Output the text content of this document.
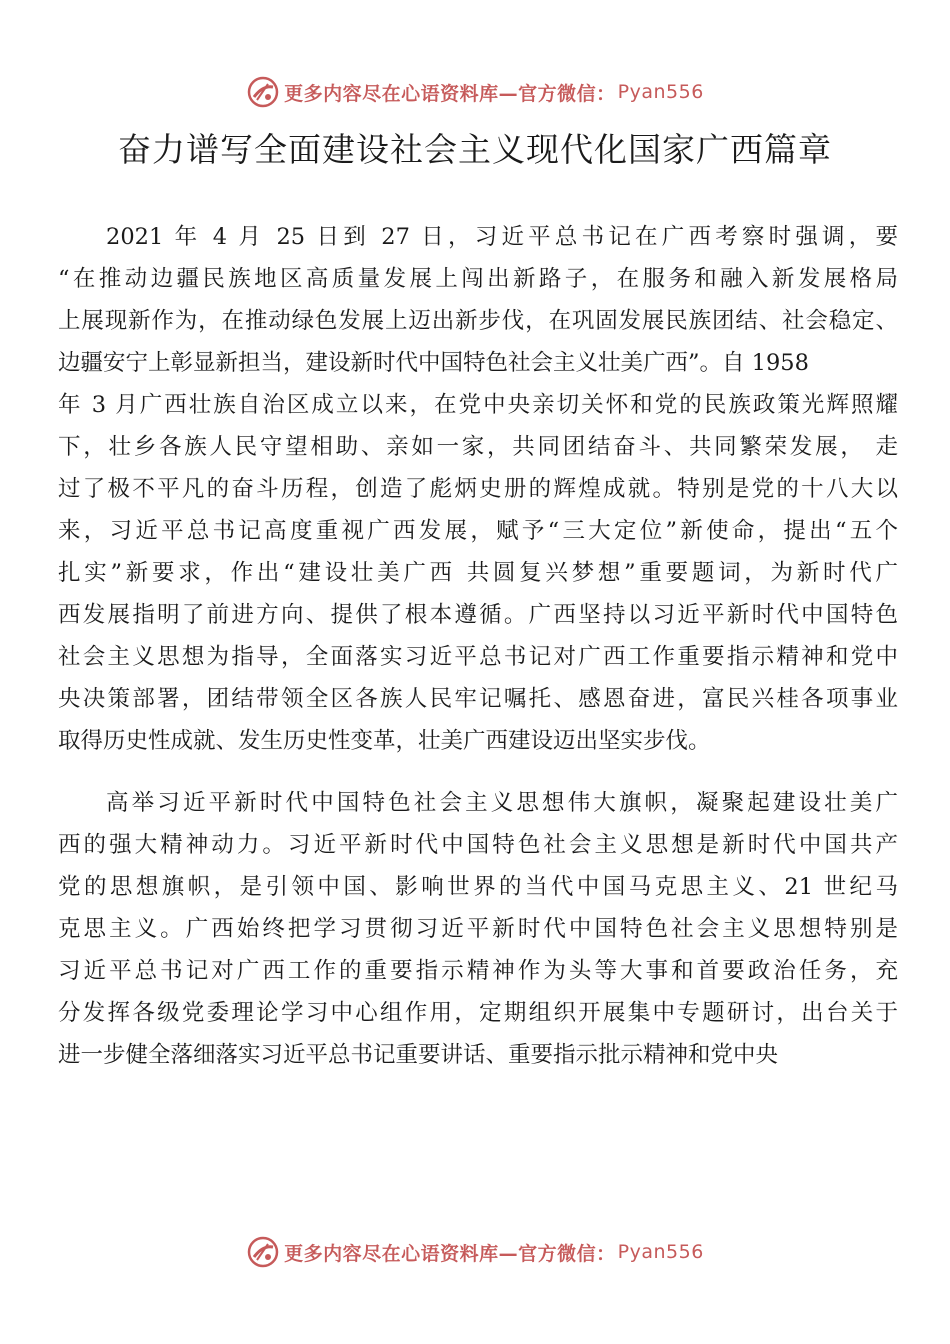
更多内容尽在心语资料库—官方微信： Pyan556
奋力谱写全面建设社会主义现代化国家广西篇章
2021 年 4 月 25 日到 27 日，习近平总书记在广西考察时强调，要
“在推动边疆民族地区高质量发展上闯出新路子，在服务和融入新发展格局
上展现新作为，在推动绿色发展上迈出新步伐，在巩固发展民族团结、社会稳定、
边疆安宁上彰显新担当，建设新时代中国特色社会主义壮美广西”。自 1958
年 3 月广西壮族自治区成立以来，在党中央亲切关怀和党的民族政策光辉照耀
下，壮乡各族人民守望相助、亲如一家，共同团结奋斗、共同繁荣发展， 走
过了极不平凡的奋斗历程，创造了彪炳史册的辉煌成就。特别是党的十八大以
来，习近平总书记高度重视广西发展，赋予“三大定位”新使命，提出“五个
扎实”新要求，作出“建设壮美广西 共圆复兴梦想”重要题词，为新时代广
西发展指明了前进方向、提供了根本遵循。广西坚持以习近平新时代中国特色
社会主义思想为指导，全面落实习近平总书记对广西工作重要指示精神和党中
央决策部署，团结带领全区各族人民牢记嘱托、感恩奋进，富民兴桂各项事业
取得历史性成就、发生历史性变革，壮美广西建设迈出坚实步伐。
高举习近平新时代中国特色社会主义思想伟大旗帜，凝聚起建设壮美广
西的强大精神动力。习近平新时代中国特色社会主义思想是新时代中国共产
党的思想旗帜，是引领中国、影响世界的当代中国马克思主义、21 世纪马
克思主义。广西始终把学习贯彻习近平新时代中国特色社会主义思想特别是
习近平总书记对广西工作的重要指示精神作为头等大事和首要政治任务，充
分发挥各级党委理论学习中心组作用，定期组织开展集中专题研讨，出台关于
进一步健全落细落实习近平总书记重要讲话、重要指示批示精神和党中央
更多内容尽在心语资料库—官方微信： Pyan556
